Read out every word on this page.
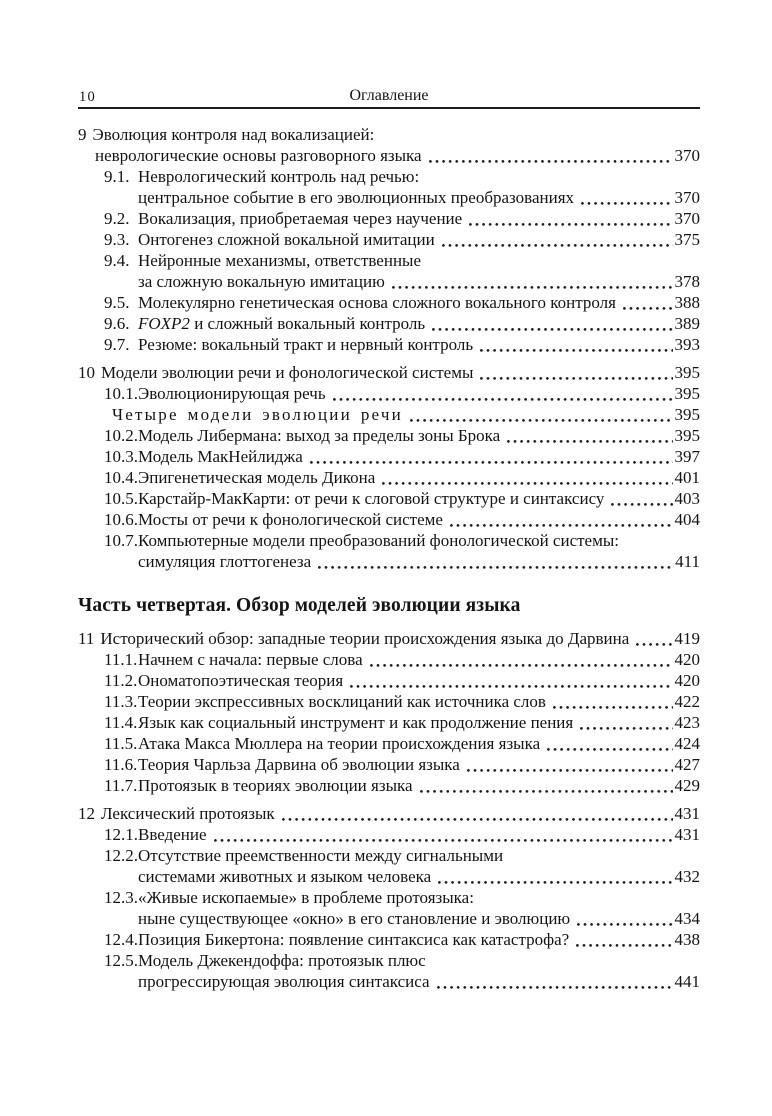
10	Оглавление
9 Эволюция контроля над вокализацией:
неврологические основы разговорного языка	370
9.1. Неврологический контроль над речью:
центральное событие в его эволюционных преобразованиях	370
9.2. Вокализация, приобретаемая через научение	370
9.3. Онтогенез сложной вокальной имитации	375
9.4. Нейронные механизмы, ответственные
за сложную вокальную имитацию	378
9.5. Молекулярно генетическая основа сложного вокального контроля	388
9.6. FOXP2 и сложный вокальный контроль	389
9.7. Резюме: вокальный тракт и нервный контроль	393
10 Модели эволюции речи и фонологической системы	395
10.1. Эволюционирующая речь	395
Четыре модели эволюции речи	395
10.2. Модель Либермана: выход за пределы зоны Брока	395
10.3. Модель МакНейлиджа	397
10.4. Эпигенетическая модель Дикона	401
10.5. Карстайр-МакКарти: от речи к слоговой структуре и синтаксису	403
10.6. Мосты от речи к фонологической системе	404
10.7. Компьютерные модели преобразований фонологической системы:
симуляция глоттогенеза	411
Часть четвертая. Обзор моделей эволюции языка
11 Исторический обзор: западные теории происхождения языка до Дарвина	419
11.1. Начнем с начала: первые слова	420
11.2. Ономатопоэтическая теория	420
11.3. Теории экспрессивных восклицаний как источника слов	422
11.4. Язык как социальный инструмент и как продолжение пения	423
11.5. Атака Макса Мюллера на теории происхождения языка	424
11.6. Теория Чарльза Дарвина об эволюции языка	427
11.7. Протоязык в теориях эволюции языка	429
12 Лексический протоязык	431
12.1. Введение	431
12.2. Отсутствие преемственности между сигнальными
системами животных и языком человека	432
12.3. «Живые ископаемые» в проблеме протоязыка:
ныне существующее «окно» в его становление и эволюцию	434
12.4. Позиция Бикертона: появление синтаксиса как катастрофа?	438
12.5. Модель Джекендоффа: протоязык плюс
прогрессирующая эволюция синтаксиса	441
